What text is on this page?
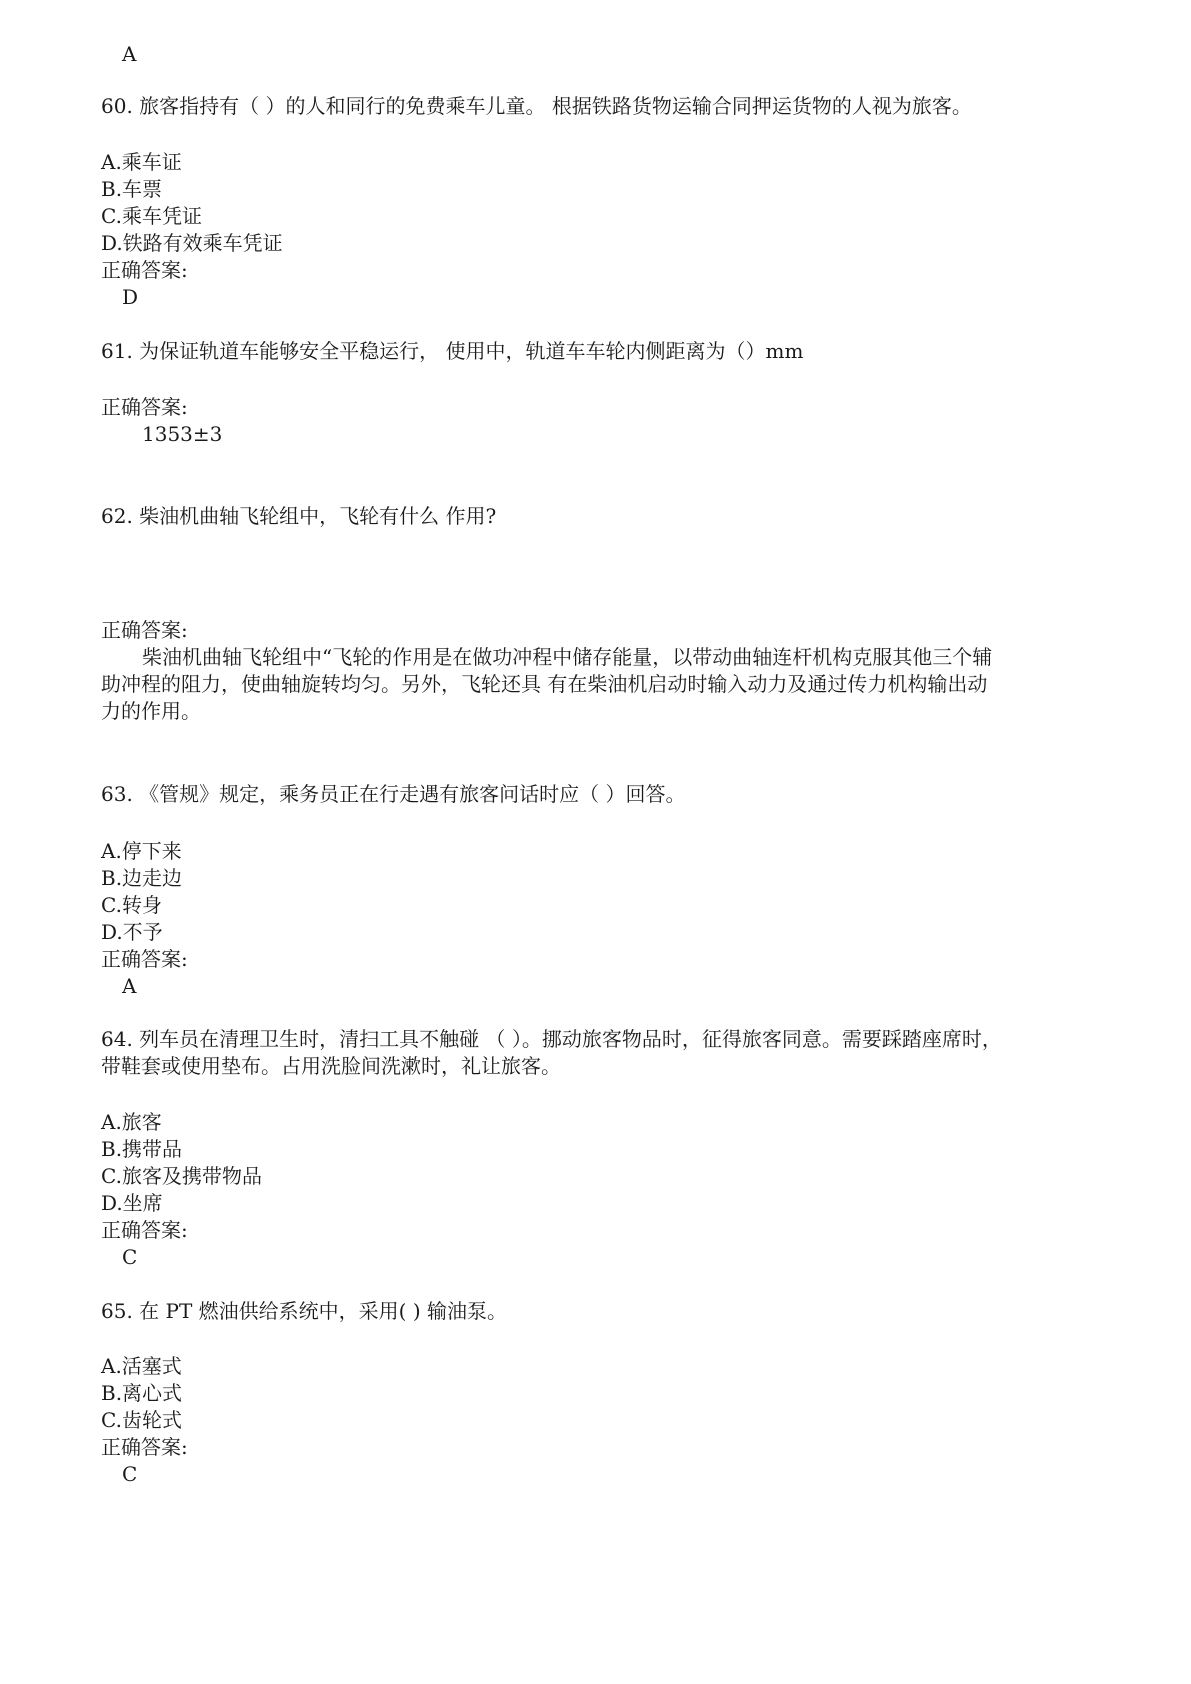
A
60. 旅客指持有（ ）的人和同行的免费乘车儿童。 根据铁路货物运输合同押运货物的人视为旅客。
A.乘车证
B.车票
C.乘车凭证
D.铁路有效乘车凭证
正确答案:
D
61. 为保证轨道车能够安全平稳运行， 使用中，轨道车车轮内侧距离为（）mm
正确答案:
1353±3
62. 柴油机曲轴飞轮组中，飞轮有什么 作用?
正确答案:
柴油机曲轴飞轮组中“飞轮的作用是在做功冲程中储存能量，以带动曲轴连杆机构克服其他三个辅
助冲程的阻力，使曲轴旋转均匀。另外，飞轮还具 有在柴油机启动时输入动力及通过传力机构输出动
力的作用。
63. 《管规》规定，乘务员正在行走遇有旅客问话时应（ ）回答。
A.停下来
B.边走边
C.转身
D.不予
正确答案:
A
64. 列车员在清理卫生时，清扫工具不触碰 （ ）。挪动旅客物品时，征得旅客同意。需要踩踏座席时，
带鞋套或使用垫布。占用洗脸间洗漱时，礼让旅客。
A.旅客
B.携带品
C.旅客及携带物品
D.坐席
正确答案:
C
65. 在 PT 燃油供给系统中，采用( ) 输油泵。
A.活塞式
B.离心式
C.齿轮式
正确答案:
C
